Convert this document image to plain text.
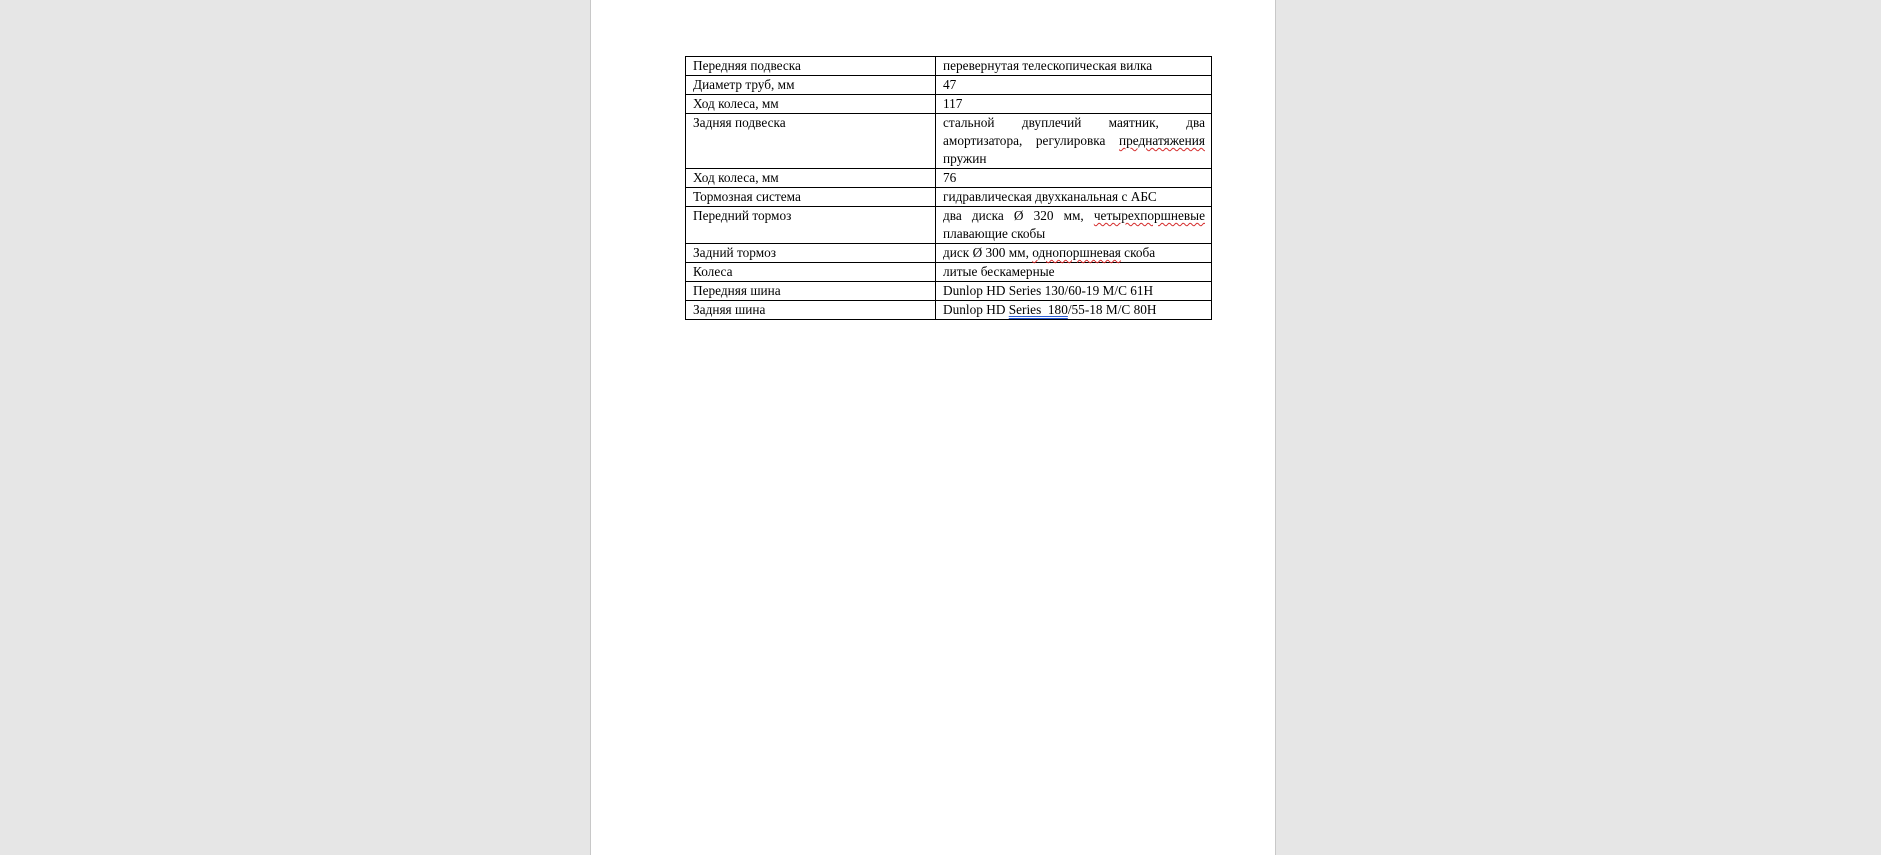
Передняя подвеска	перевернутая телескопическая вилка
Диаметр труб, мм	47
Ход колеса, мм	117
Задняя подвеска	стальной двуплечий маятник, два амортизатора, регулировка преднатяжения пружин
Ход колеса, мм	76
Тормозная система	гидравлическая двухканальная с АБС
Передний тормоз	два диска Ø 320 мм, четырехпоршневые плавающие скобы
Задний тормоз	диск Ø 300 мм, однопоршневая скоба
Колеса	литые бескамерные
Передняя шина	Dunlop HD Series 130/60-19 M/C 61H
Задняя шина	Dunlop HD Series  180/55-18 M/C 80H
